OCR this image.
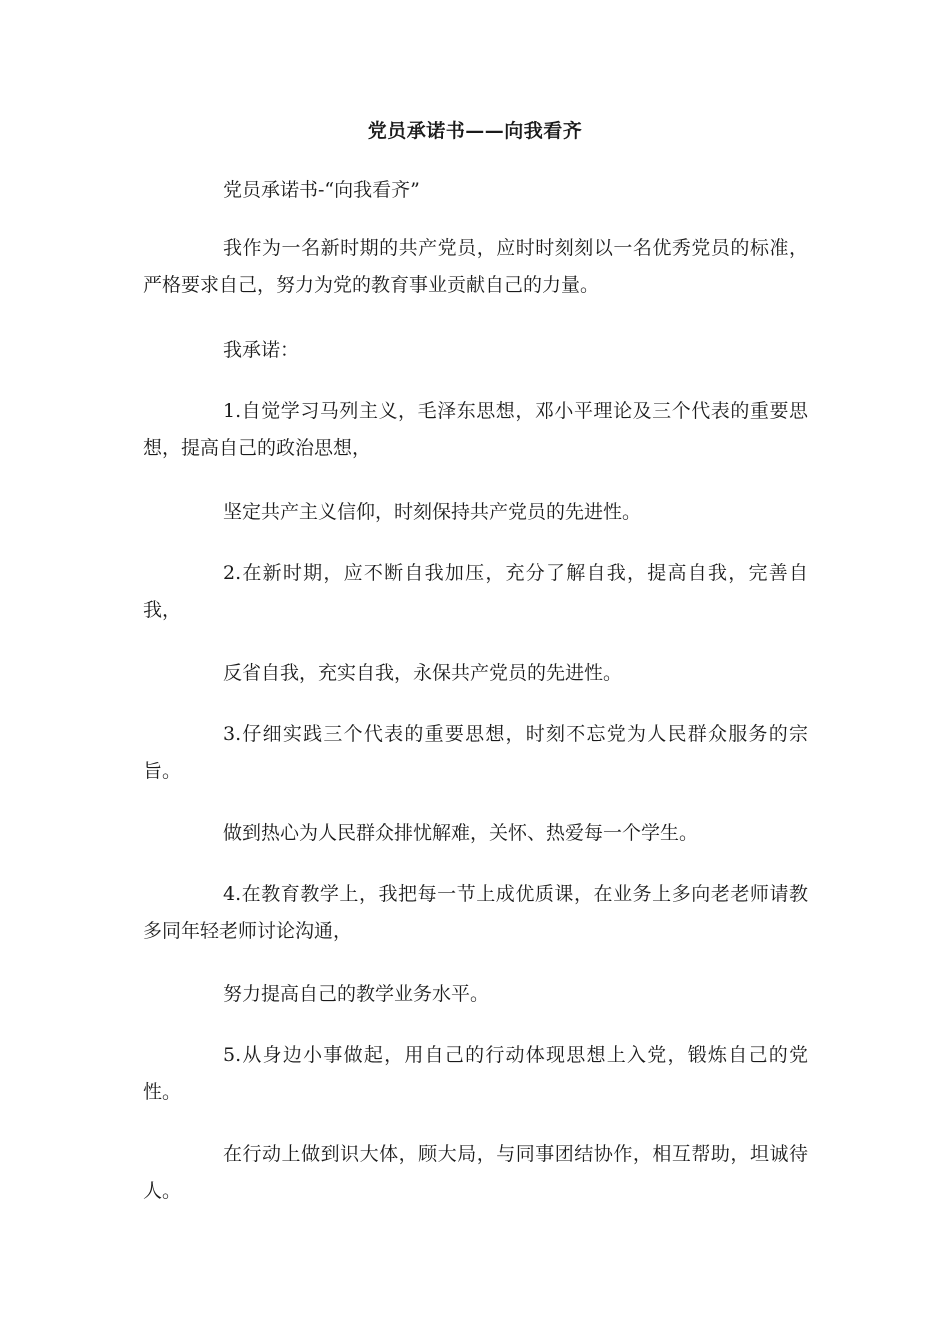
党员承诺书——向我看齐

党员承诺书-“向我看齐”

我作为一名新时期的共产党员，应时时刻刻以一名优秀党员的标准，严格要求自己，努力为党的教育事业贡献自己的力量。

我承诺：

1.自觉学习马列主义，毛泽东思想，邓小平理论及三个代表的重要思想，提高自己的政治思想，

坚定共产主义信仰，时刻保持共产党员的先进性。

2.在新时期，应不断自我加压，充分了解自我，提高自我，完善自我，

反省自我，充实自我，永保共产党员的先进性。

3.仔细实践三个代表的重要思想，时刻不忘党为人民群众服务的宗旨。

做到热心为人民群众排忧解难，关怀、热爱每一个学生。

4.在教育教学上，我把每一节上成优质课，在业务上多向老老师请教多同年轻老师讨论沟通，

努力提高自己的教学业务水平。

5.从身边小事做起，用自己的行动体现思想上入党，锻炼自己的党性。

在行动上做到识大体，顾大局，与同事团结协作，相互帮助，坦诚待人。
